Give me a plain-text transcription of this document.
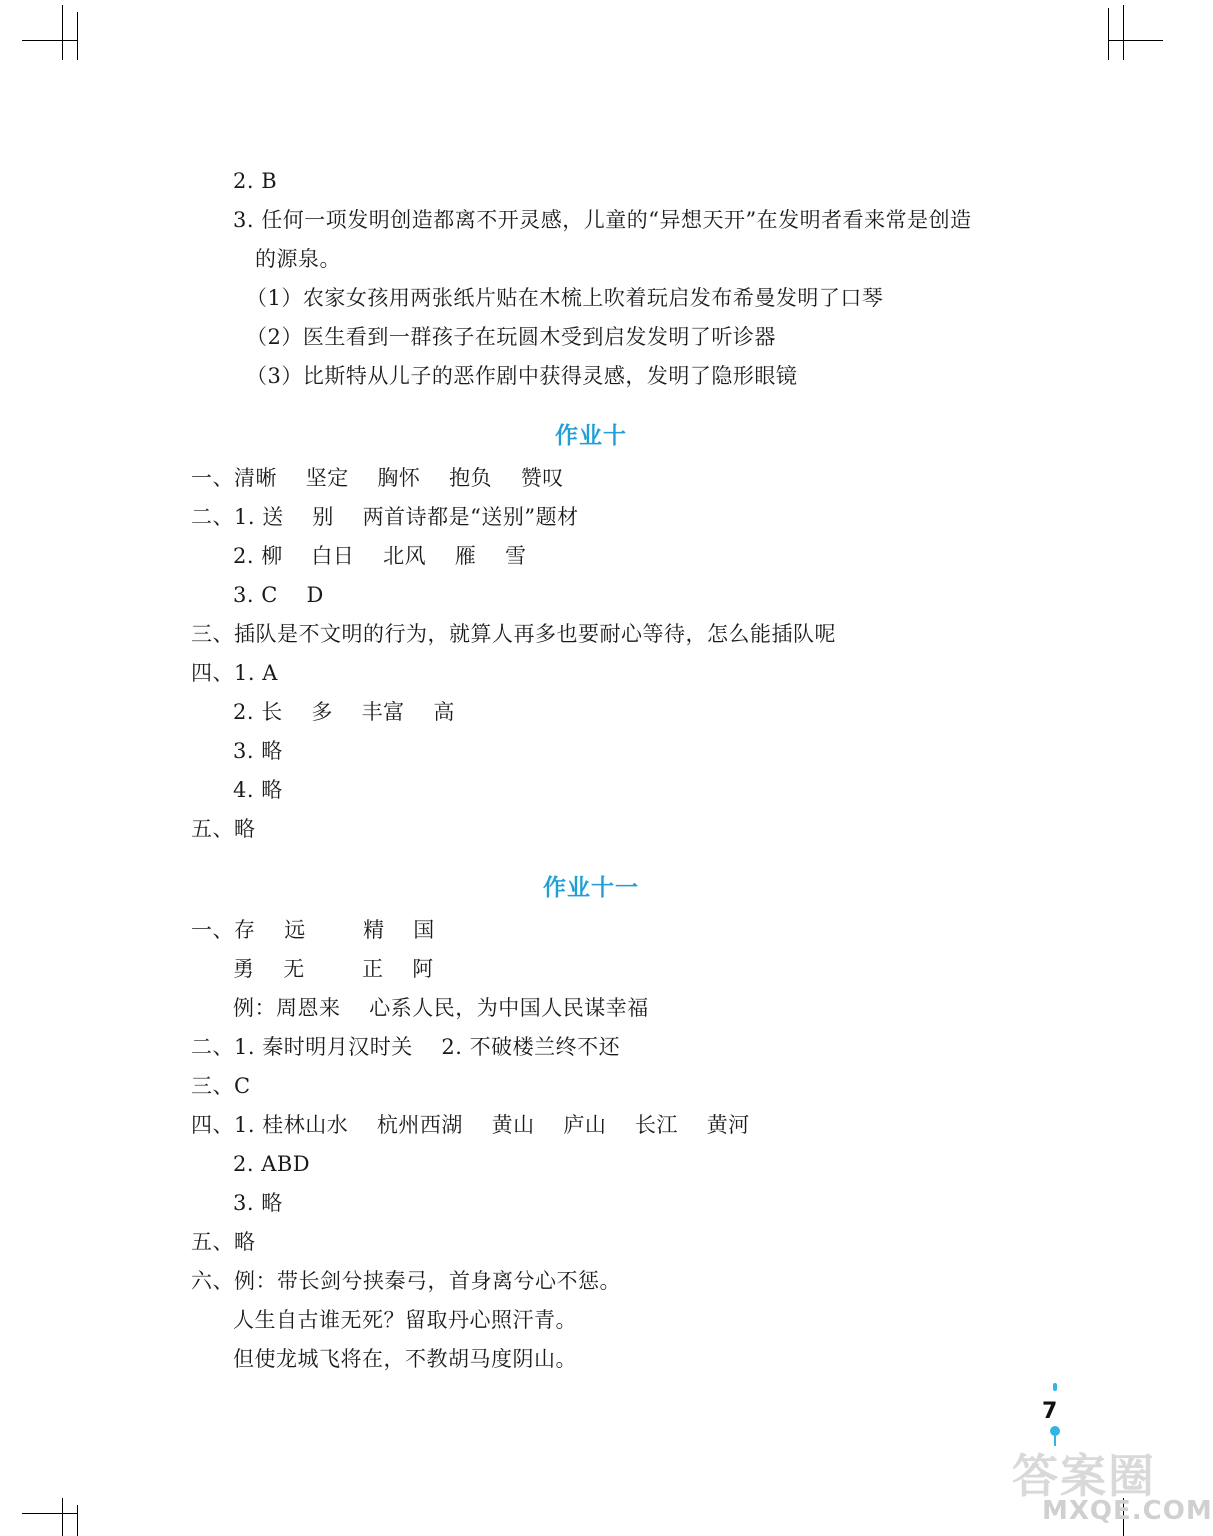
2. B
3. 任何一项发明创造都离不开灵感，儿童的“异想天开”在发明者看来常是创造
的源泉。
（1）农家女孩用两张纸片贴在木梳上吹着玩启发布希曼发明了口琴
（2）医生看到一群孩子在玩圆木受到启发发明了听诊器
（3）比斯特从儿子的恶作剧中获得灵感，发明了隐形眼镜
作业十
一、清晰    坚定    胸怀    抱负    赞叹
二、1. 送    别    两首诗都是“送别”题材
2. 柳    白日    北风    雁    雪
3. C    D
三、插队是不文明的行为，就算人再多也要耐心等待，怎么能插队呢
四、1. A
2. 长    多    丰富    高
3. 略
4. 略
五、略
作业十一
一、存    远        精    国
勇    无        正    阿
例：周恩来    心系人民，为中国人民谋幸福
二、1. 秦时明月汉时关    2. 不破楼兰终不还
三、C
四、1. 桂林山水    杭州西湖    黄山    庐山    长江    黄河
2. ABD
3. 略
五、略
六、例：带长剑兮挟秦弓，首身离兮心不惩。
人生自古谁无死？留取丹心照汗青。
但使龙城飞将在，不教胡马度阴山。
7
答案圈
MXQE.COM
